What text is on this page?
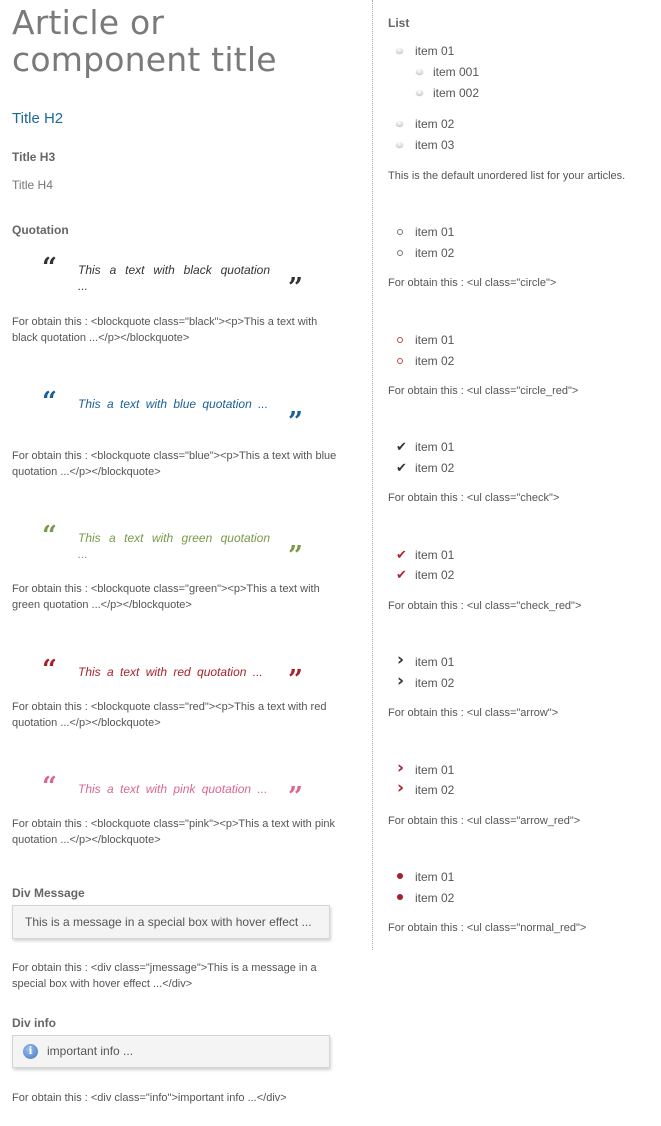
Article or component title
Title H2
Title H3
Title H4
Quotation
“ This a text with black quotation ...	”
For obtain this : <blockquote class="black"><p>This a text with black quotation ...</p></blockquote>
“ This a text with blue quotation ...
”
For obtain this : <blockquote class="blue"><p>This a text with blue quotation ...</p></blockquote>
“ This a text with green quotation ...	”
For obtain this : <blockquote class="green"><p>This a text with green quotation ...</p></blockquote>
“ This a text with red quotation ... ”
For obtain this : <blockquote class="red"><p>This a text with red quotation ...</p></blockquote>
“ This a text with pink quotation ... ”
For obtain this : <blockquote class="pink"><p>This a text with pink quotation ...</p></blockquote>
Div Message
This is a message in a special box with hover effect ...
For obtain this : <div class="jmessage">This is a message in a special box with hover effect ...</div>
Div info
i	important info ...
For obtain this : <div class="info">important info ...</div>
List
item 01
item 001
item 002
item 02
item 03
This is the default unordered list for your articles.
item 01
item 02
For obtain this : <ul class="circle">
item 01
item 02
For obtain this : <ul class="circle_red">
✔ item 01
✔ item 02
For obtain this : <ul class="check">
✔ item 01
✔ item 02
For obtain this : <ul class="check_red">
› item 01
› item 02
For obtain this : <ul class="arrow">
› item 01
› item 02
For obtain this : <ul class="arrow_red">
item 01
item 02
For obtain this : <ul class="normal_red">
